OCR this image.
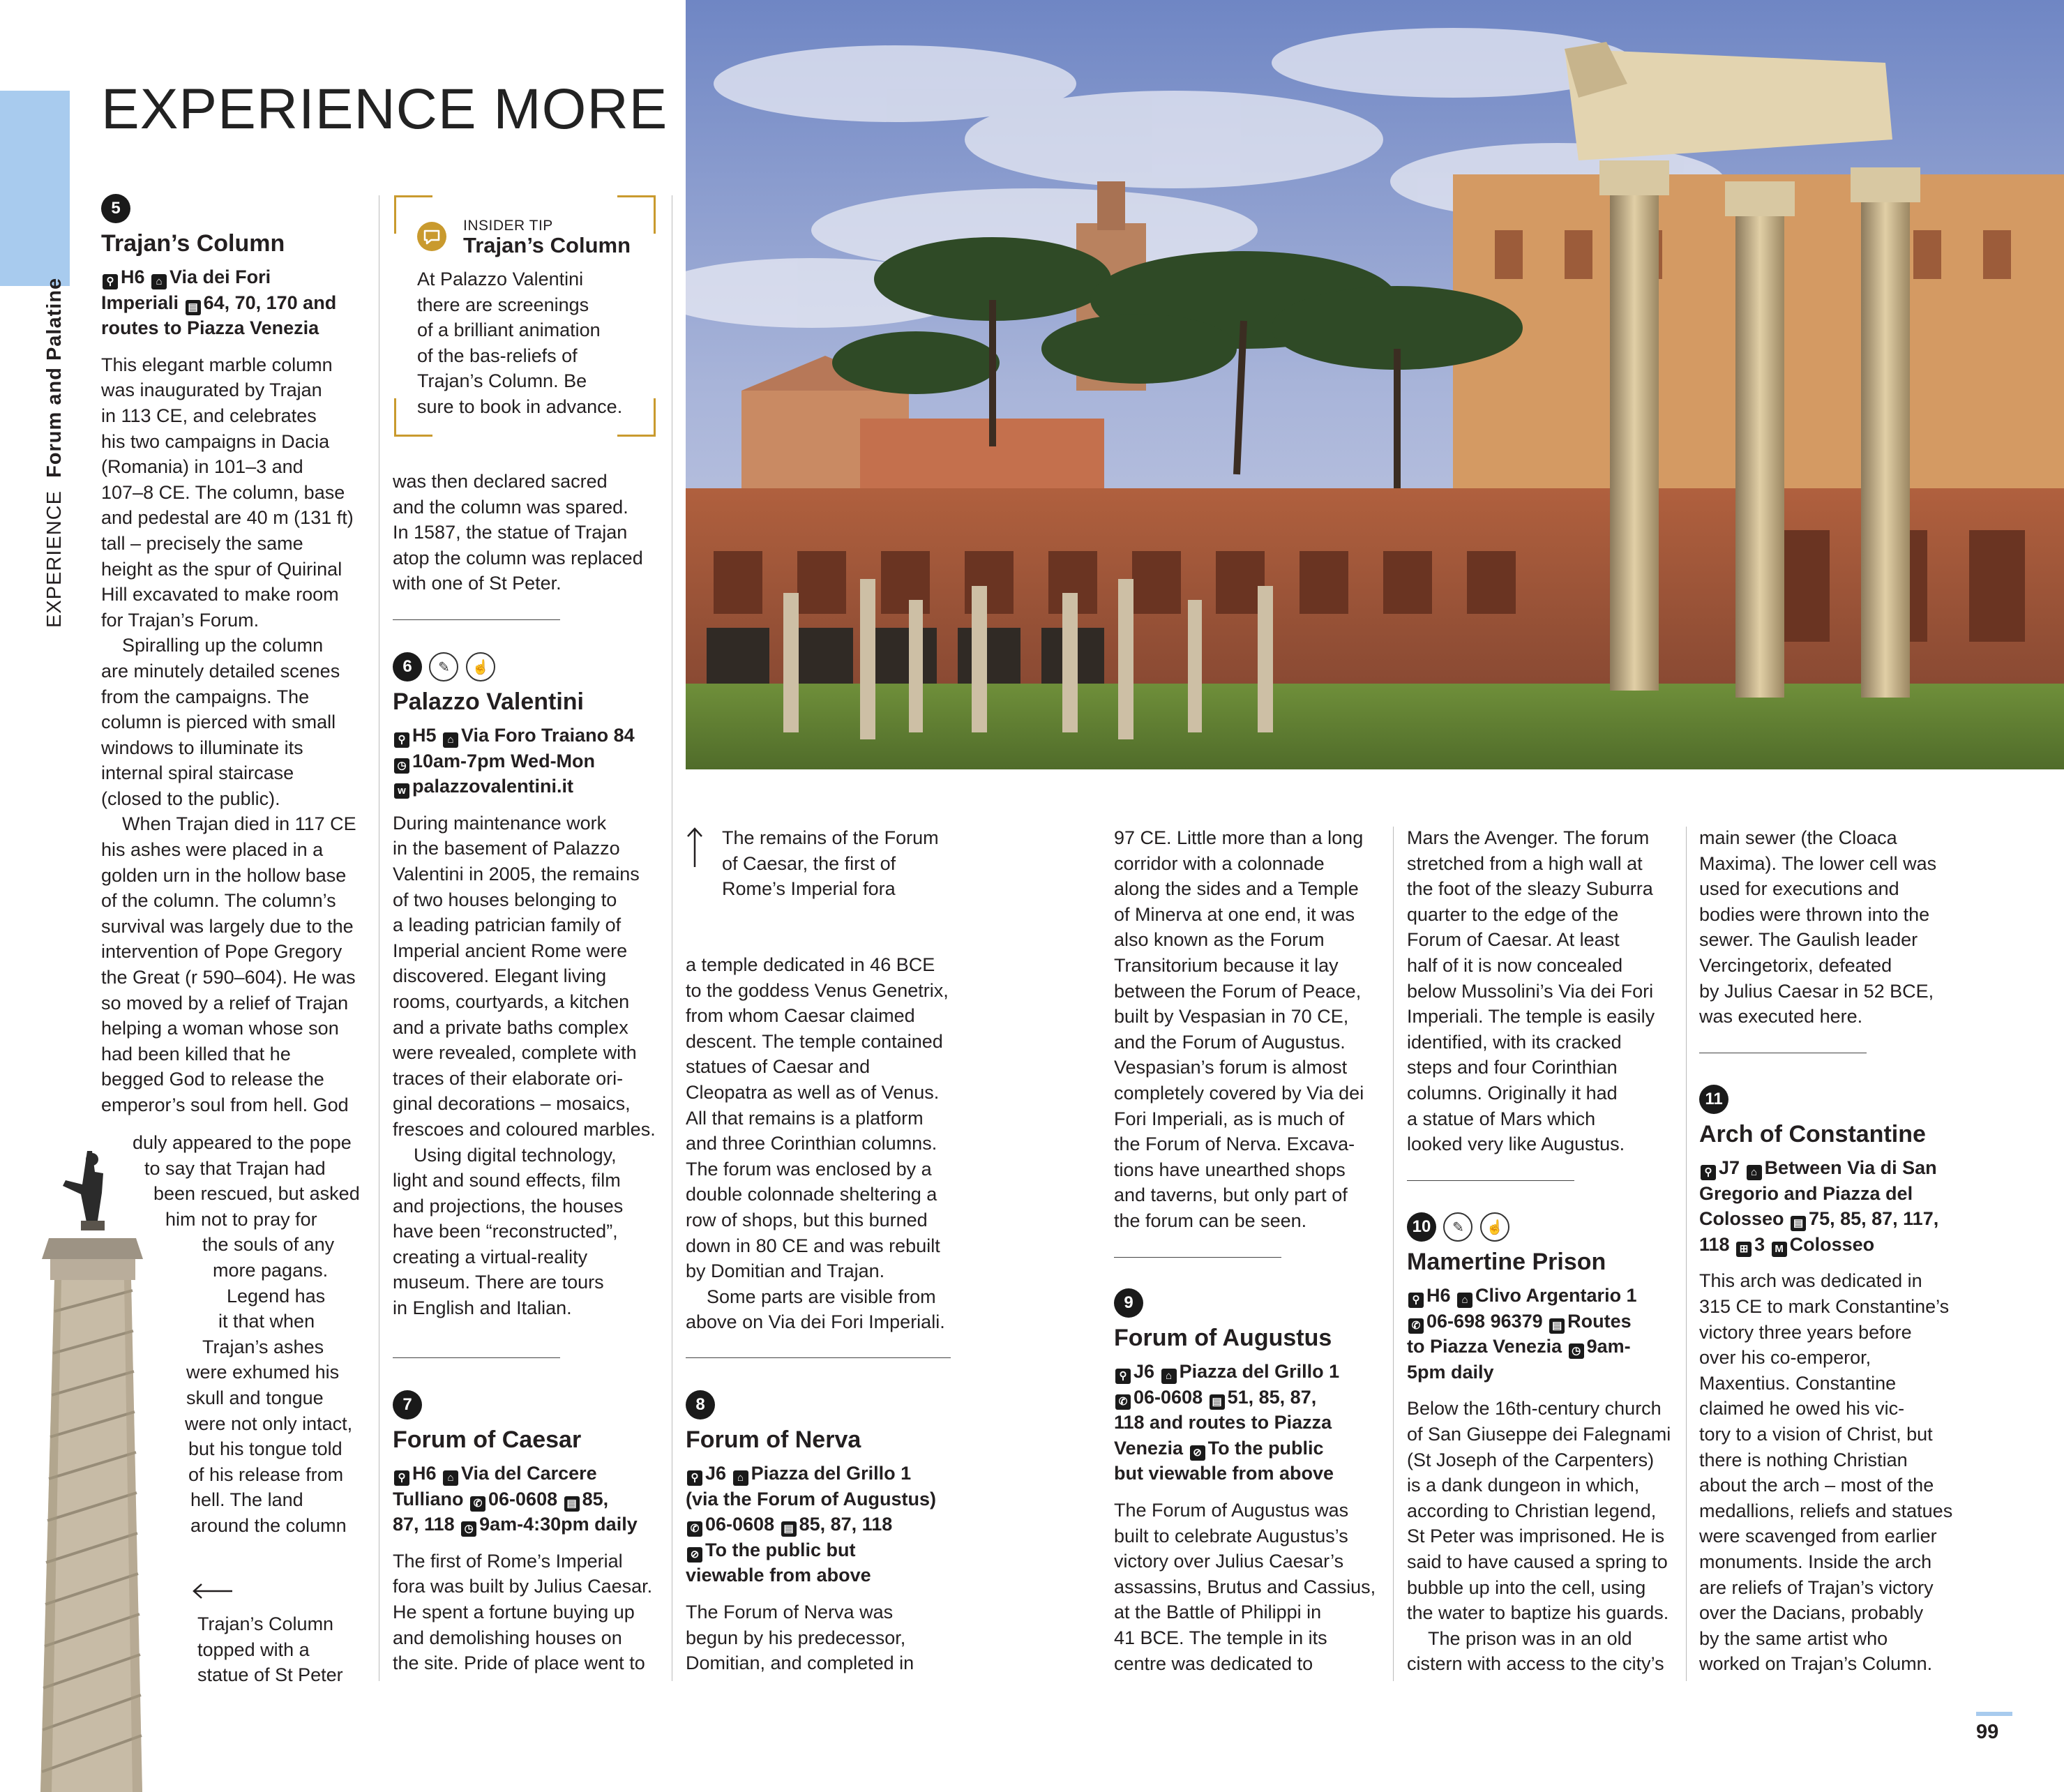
EXPERIENCE  Forum and Palatine
EXPERIENCE MORE
5
Trajan’s Column
⚲ H6 ⌂ Via dei Fori
Imperiali ▤ 64, 70, 170 and
routes to Piazza Venezia

This elegant marble column
was inaugurated by Trajan
in 113 CE, and celebrates
his two campaigns in Dacia
(Romania) in 101–3 and
107–8 CE. The column, base
and pedestal are 40 m (131 ft)
tall – precisely the same
height as the spur of Quirinal
Hill excavated to make room
for Trajan’s Forum.

Spiralling up the column
are minutely detailed scenes
from the campaigns. The
column is pierced with small
windows to illuminate its
internal spiral staircase
(closed to the public).

When Trajan died in 117 CE
his ashes were placed in a
golden urn in the hollow base
of the column. The column’s
survival was largely due to the
intervention of Pope Gregory
the Great (r 590–604). He was
so moved by a relief of Trajan
helping a woman whose son
had been killed that he
begged God to release the
emperor’s soul from hell. God

duly appeared to the pope
to say that Trajan had
been rescued, but asked
him not to pray for
the souls of any
more pagans.
Legend has
it that when
Trajan’s ashes
were exhumed his
skull and tongue
were not only intact,
but his tongue told
of his release from
hell. The land
around the column
Trajan’s Column
topped with a
statue of St Peter
INSIDER TIP
Trajan’s Column
At Palazzo Valentini
there are screenings
of a brilliant animation
of the bas-reliefs of
Trajan’s Column. Be
sure to book in advance.
was then declared sacred
and the column was spared.
In 1587, the statue of Trajan
atop the column was replaced
with one of St Peter.
6 ✎ ☝
Palazzo Valentini
⚲ H5 ⌂ Via Foro Traiano 84
◷ 10am-7pm Wed-Mon
w palazzovalentini.it
During maintenance work
in the basement of Palazzo
Valentini in 2005, the remains
of two houses belonging to
a leading patrician family of
Imperial ancient Rome were
discovered. Elegant living
rooms, courtyards, a kitchen
and a private baths complex
were revealed, complete with
traces of their elaborate ori-
ginal decorations – mosaics,
frescoes and coloured marbles.
Using digital technology,
light and sound effects, film
and projections, the houses
have been “reconstructed”,
creating a virtual-reality
museum. There are tours
in English and Italian.
7
Forum of Caesar
⚲ H6 ⌂ Via del Carcere
Tulliano ✆ 06-0608 ▤ 85,
87, 118 ◷ 9am-4:30pm daily
The first of Rome’s Imperial
fora was built by Julius Caesar.
He spent a fortune buying up
and demolishing houses on
the site. Pride of place went to
The remains of the Forum
of Caesar, the first of
Rome’s Imperial fora
a temple dedicated in 46 BCE
to the goddess Venus Genetrix,
from whom Caesar claimed
descent. The temple contained
statues of Caesar and
Cleopatra as well as of Venus.
All that remains is a platform
and three Corinthian columns.
The forum was enclosed by a
double colonnade sheltering a
row of shops, but this burned
down in 80 CE and was rebuilt
by Domitian and Trajan.
Some parts are visible from
above on Via dei Fori Imperiali.
8
Forum of Nerva
⚲ J6 ⌂ Piazza del Grillo 1
(via the Forum of Augustus)
✆ 06-0608 ▤ 85, 87, 118
⊘ To the public but
viewable from above
The Forum of Nerva was
begun by his predecessor,
Domitian, and completed in
97 CE. Little more than a long
corridor with a colonnade
along the sides and a Temple
of Minerva at one end, it was
also known as the Forum
Transitorium because it lay
between the Forum of Peace,
built by Vespasian in 70 CE,
and the Forum of Augustus.
Vespasian’s forum is almost
completely covered by Via dei
Fori Imperiali, as is much of
the Forum of Nerva. Excava-
tions have unearthed shops
and taverns, but only part of
the forum can be seen.
9
Forum of Augustus
⚲ J6 ⌂ Piazza del Grillo 1
✆ 06-0608 ▤ 51, 85, 87,
118 and routes to Piazza
Venezia ⊘ To the public
but viewable from above
The Forum of Augustus was
built to celebrate Augustus’s
victory over Julius Caesar’s
assassins, Brutus and Cassius,
at the Battle of Philippi in
41 BCE. The temple in its
centre was dedicated to
Mars the Avenger. The forum
stretched from a high wall at
the foot of the sleazy Suburra
quarter to the edge of the
Forum of Caesar. At least
half of it is now concealed
below Mussolini’s Via dei Fori
Imperiali. The temple is easily
identified, with its cracked
steps and four Corinthian
columns. Originally it had
a statue of Mars which
looked very like Augustus.
10 ✎ ☝
Mamertine Prison
⚲ H6 ⌂ Clivo Argentario 1
✆ 06-698 96379 ▤ Routes
to Piazza Venezia ◷ 9am-
5pm daily
Below the 16th-century church
of San Giuseppe dei Falegnami
(St Joseph of the Carpenters)
is a dank dungeon in which,
according to Christian legend,
St Peter was imprisoned. He is
said to have caused a spring to
bubble up into the cell, using
the water to baptize his guards.
The prison was in an old
cistern with access to the city’s
main sewer (the Cloaca
Maxima). The lower cell was
used for executions and
bodies were thrown into the
sewer. The Gaulish leader
Vercingetorix, defeated
by Julius Caesar in 52 BCE,
was executed here.
11
Arch of Constantine
⚲ J7 ⌂ Between Via di San
Gregorio and Piazza del
Colosseo ▤ 75, 85, 87, 117,
118 ⊞ 3 M Colosseo
This arch was dedicated in
315 CE to mark Constantine’s
victory three years before
over his co-emperor,
Maxentius. Constantine
claimed he owed his vic-
tory to a vision of Christ, but
there is nothing Christian
about the arch – most of the
medallions, reliefs and statues
were scavenged from earlier
monuments. Inside the arch
are reliefs of Trajan’s victory
over the Dacians, probably
by the same artist who
worked on Trajan’s Column.
99
